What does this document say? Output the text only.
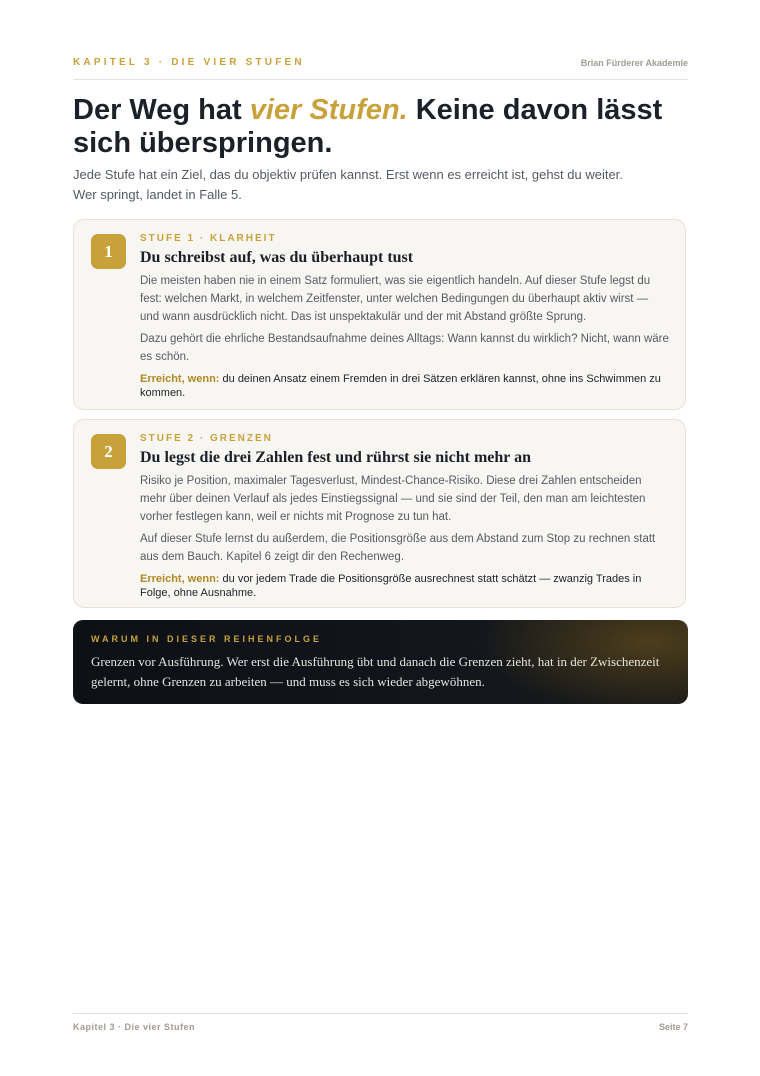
KAPITEL 3 · DIE VIER STUFEN	Brian Fürderer Akademie
Der Weg hat vier Stufen. Keine davon lässt sich überspringen.

Jede Stufe hat ein Ziel, das du objektiv prüfen kannst. Erst wenn es erreicht ist, gehst du weiter.
Wer springt, landet in Falle 5.

1
STUFE 1 · KLARHEIT
Du schreibst auf, was du überhaupt tust

Die meisten haben nie in einem Satz formuliert, was sie eigentlich handeln. Auf dieser Stufe legst du fest: welchen Markt, in welchem Zeitfenster, unter welchen Bedingungen du überhaupt aktiv wirst — und wann ausdrücklich nicht. Das ist unspektakulär und der mit Abstand größte Sprung.

Dazu gehört die ehrliche Bestandsaufnahme deines Alltags: Wann kannst du wirklich? Nicht, wann wäre es schön.

Erreicht, wenn: du deinen Ansatz einem Fremden in drei Sätzen erklären kannst, ohne ins Schwimmen zu kommen.

2
STUFE 2 · GRENZEN
Du legst die drei Zahlen fest und rührst sie nicht mehr an

Risiko je Position, maximaler Tagesverlust, Mindest-Chance-Risiko. Diese drei Zahlen entscheiden mehr über deinen Verlauf als jedes Einstiegssignal — und sie sind der Teil, den man am leichtesten vorher festlegen kann, weil er nichts mit Prognose zu tun hat.

Auf dieser Stufe lernst du außerdem, die Positionsgröße aus dem Abstand zum Stop zu rechnen statt aus dem Bauch. Kapitel 6 zeigt dir den Rechenweg.

Erreicht, wenn: du vor jedem Trade die Positionsgröße ausrechnest statt schätzt — zwanzig Trades in Folge, ohne Ausnahme.

WARUM IN DIESER REIHENFOLGE

Grenzen vor Ausführung. Wer erst die Ausführung übt und danach die Grenzen zieht, hat in der Zwischenzeit gelernt, ohne Grenzen zu arbeiten — und muss es sich wieder abgewöhnen.

Kapitel 3 · Die vier Stufen	Seite 7
